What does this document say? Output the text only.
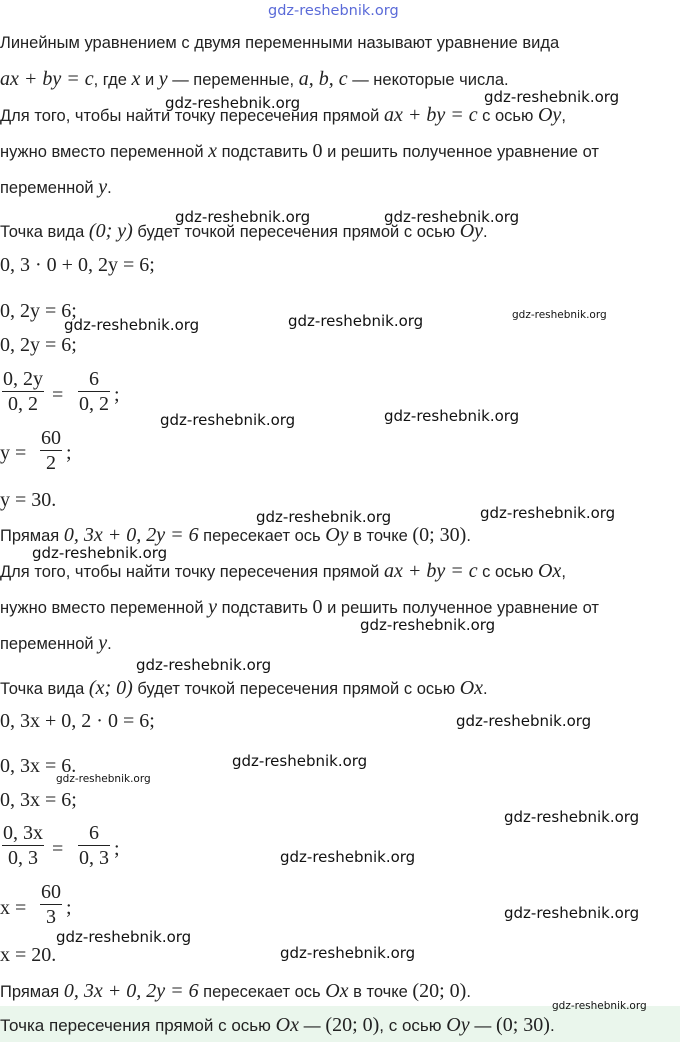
gdz-reshebnik.org
Линейным уравнением с двумя переменными называют уравнение вида
ax + by = c, где x и y — переменные, a, b, c — некоторые числа.
Для того, чтобы найти точку пересечения прямой ax + by = c с осью Oy,
нужно вместо переменной x подставить 0 и решить полученное уравнение от
переменной y.
Точка вида (0; y) будет точкой пересечения прямой с осью Oy.
0, 3 · 0 + 0, 2y = 6;
0, 2y = 6;
0, 2y = 6;
0, 2y
0, 2 =
6
0, 2 ;
y =
60
2 ;
y = 30.
Прямая 0, 3x + 0, 2y = 6 пересекает ось Oy в точке (0; 30).
Для того, чтобы найти точку пересечения прямой ax + by = c с осью Ox,
нужно вместо переменной y подставить 0 и решить полученное уравнение от
переменной y.
Точка вида (x; 0) будет точкой пересечения прямой с осью Ox.
0, 3x + 0, 2 · 0 = 6;
0, 3x = 6.
0, 3x = 6;
0, 3x
0, 3 =
6
0, 3 ;
x =
60
3 ;
x = 20.
Прямая 0, 3x + 0, 2y = 6 пересекает ось Ox в точке (20; 0).
Точка пересечения прямой с осью Ox — (20; 0), с осью Oy — (0; 30).
gdz-reshebnik.org	gdz-reshebnik.org
gdz-reshebnik.org	gdz-reshebnik.org
gdz-reshebnik.org	gdz-reshebnik.org	gdz-reshebnik.org
gdz-reshebnik.org	gdz-reshebnik.org
gdz-reshebnik.org	gdz-reshebnik.org
gdz-reshebnik.org
gdz-reshebnik.org
gdz-reshebnik.org
gdz-reshebnik.org
gdz-reshebnik.org
gdz-reshebnik.org
gdz-reshebnik.org
gdz-reshebnik.org
gdz-reshebnik.org
gdz-reshebnik.org
gdz-reshebnik.org
gdz-reshebnik.org
